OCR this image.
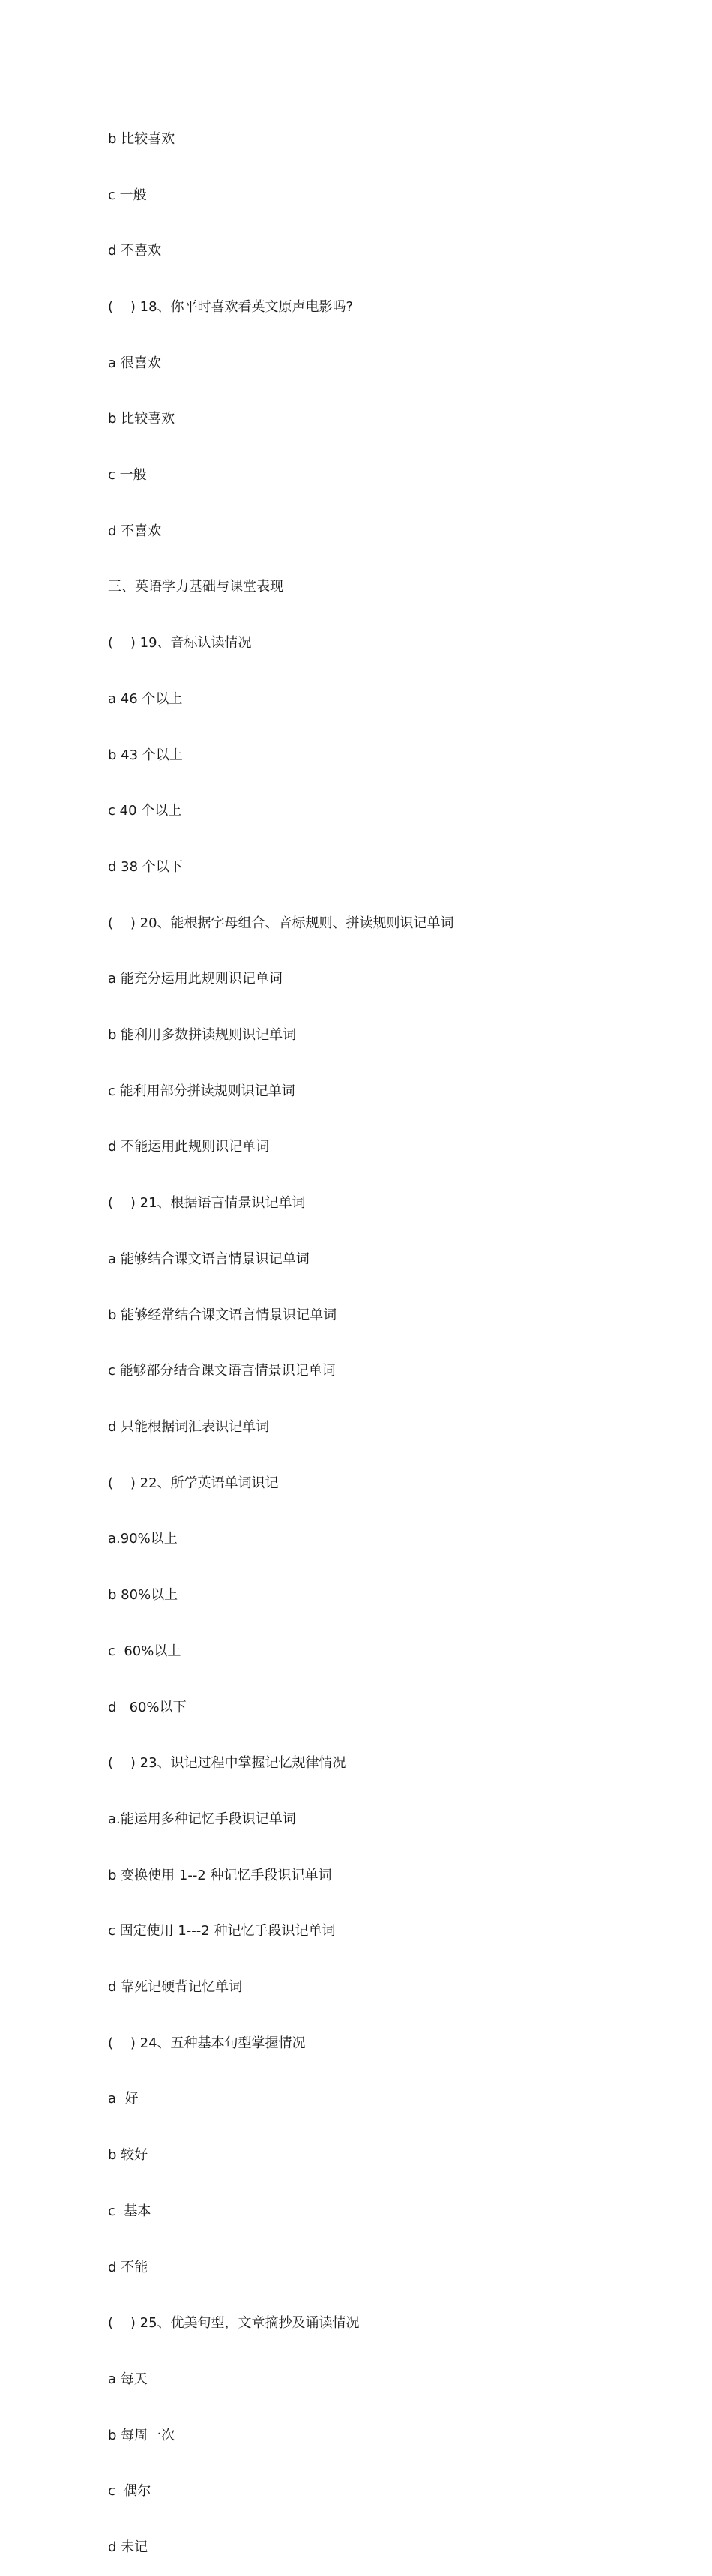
b 比较喜欢

c 一般

d 不喜欢

(    ) 18、你平时喜欢看英文原声电影吗?

a 很喜欢

b 比较喜欢

c 一般

d 不喜欢

三、英语学力基础与课堂表现

(    ) 19、音标认读情况

a 46 个以上

b 43 个以上

c 40 个以上

d 38 个以下

(    ) 20、能根据字母组合、音标规则、拼读规则识记单词

a 能充分运用此规则识记单词

b 能利用多数拼读规则识记单词

c 能利用部分拼读规则识记单词

d 不能运用此规则识记单词

(    ) 21、根据语言情景识记单词

a 能够结合课文语言情景识记单词

b 能够经常结合课文语言情景识记单词

c 能够部分结合课文语言情景识记单词

d 只能根据词汇表识记单词

(    ) 22、所学英语单词识记

a.90%以上

b 80%以上

c  60%以上

d   60%以下

(    ) 23、识记过程中掌握记忆规律情况

a.能运用多种记忆手段识记单词

b 变换使用 1--2 种记忆手段识记单词

c 固定使用 1---2 种记忆手段识记单词

d 靠死记硬背记忆单词

(    ) 24、五种基本句型掌握情况

a  好

b 较好

c  基本

d 不能

(    ) 25、优美句型，文章摘抄及诵读情况

a 每天

b 每周一次

c  偶尔

d 未记
